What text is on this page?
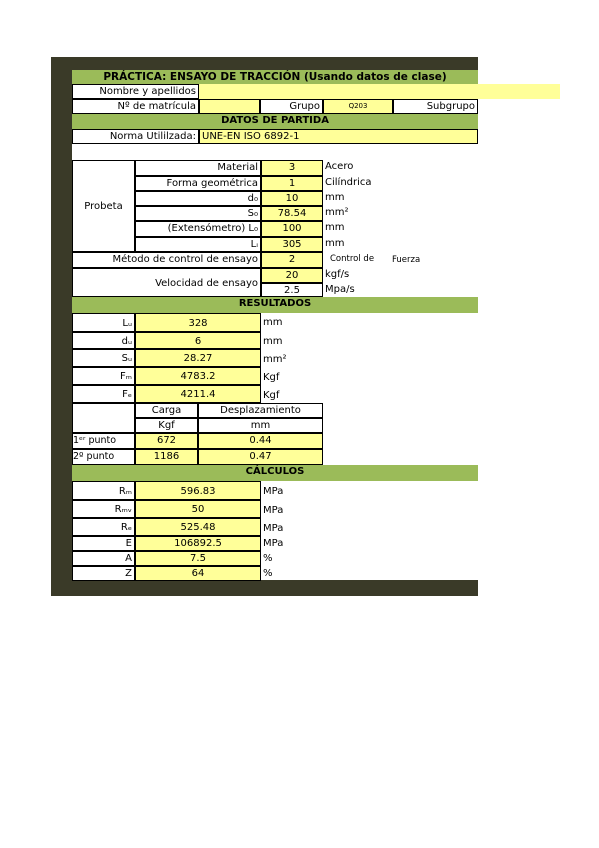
PRÁCTICA: ENSAYO DE TRACCIÓN (Usando datos de clase)
Nombre y apellidos
Nº de matrícula	Grupo	Q203	Subgrupo
DATOS DE PARTIDA
Norma Utililzada: UNE-EN ISO 6892-1
Probeta
Material	3	Acero
Forma geométrica	1	Cilíndrica
d₀	10	mm
S₀	78.54	mm²
(Extensómetro) L₀	100	mm
Lᵢ	305	mm
Método de control de ensayo	2	Control de	Fuerza
Velocidad de ensayo
20	kgf/s
2.5	Mpa/s
RESULTADOS
Lᵤ	328	mm
dᵤ	6	mm
Sᵤ	28.27	mm²
Fₘ	4783.2	Kgf
Fₑ	4211.4	Kgf
Carga	Desplazamiento
Kgf	mm
1ᵉʳ punto	672	0.44
2º punto	1186	0.47
CÁLCULOS
Rₘ	596.83	MPa
Rₘᵥ	50	MPa
Rₑ	525.48	MPa
E	106892.5	MPa
A	7.5	%
Z	64	%
